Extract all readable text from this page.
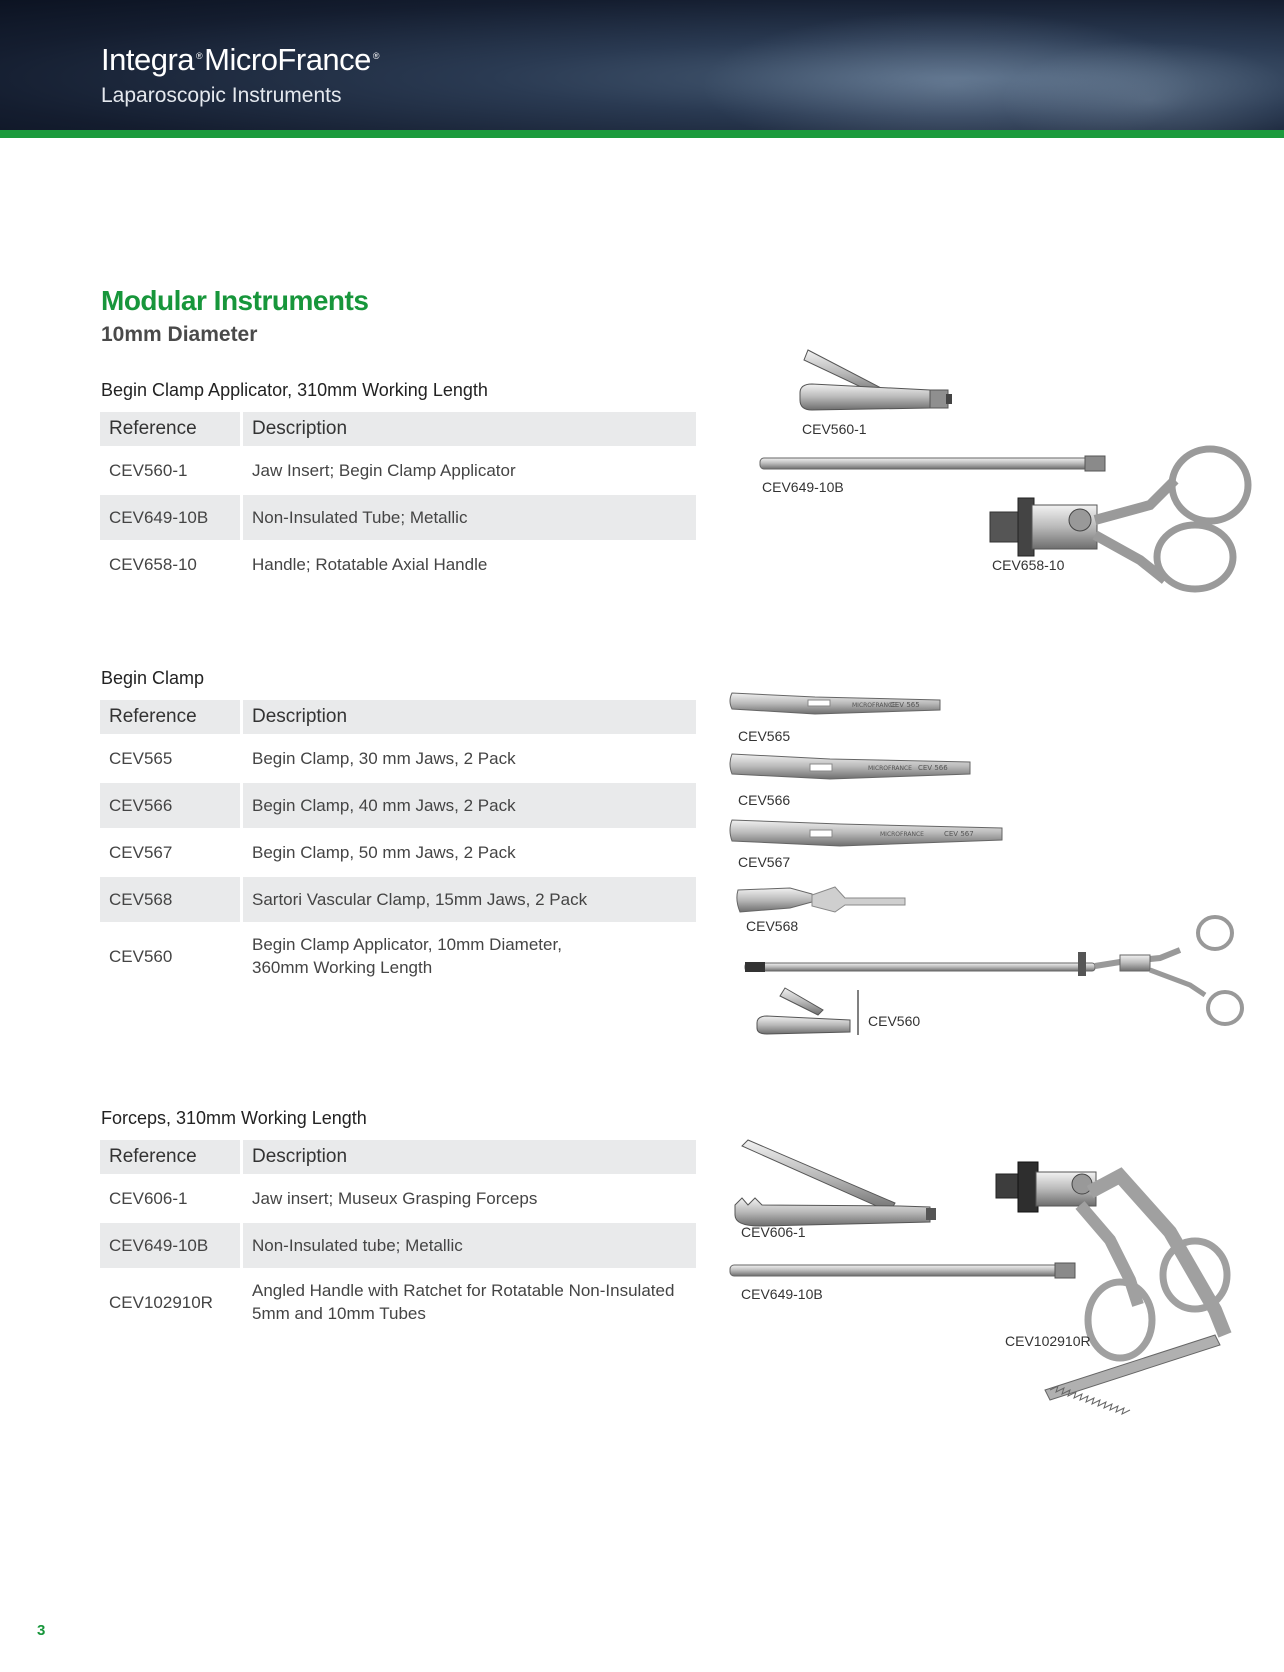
Integra ®MicroFrance ®
Laparoscopic Instruments
Modular Instruments
10mm Diameter
Begin Clamp Applicator, 310mm Working Length
Reference	Description
CEV560-1	Jaw Insert; Begin Clamp Applicator
CEV649-10B	Non-Insulated Tube; Metallic
CEV658-10	Handle; Rotatable Axial Handle
Begin Clamp
Reference	Description
CEV565	Begin Clamp, 30 mm Jaws, 2 Pack
CEV566	Begin Clamp, 40 mm Jaws, 2 Pack
CEV567	Begin Clamp, 50 mm Jaws, 2 Pack
CEV568	Sartori Vascular Clamp, 15mm Jaws, 2 Pack
CEV560	Begin Clamp Applicator, 10mm Diameter,
360mm Working Length
Forceps, 310mm Working Length
Reference	Description
CEV606-1	Jaw insert; Museux Grasping Forceps
CEV649-10B	Non-Insulated tube; Metallic
CEV102910R	Angled Handle with Ratchet for Rotatable Non-Insulated
5mm and 10mm Tubes
MICROFRANCE
CEV 565
MICROFRANCE CEV 566
MICROFRANCE	CEV 567
CEV560-1
CEV649-10B
CEV658-10
CEV565
CEV566
CEV567
CEV568
CEV560
CEV606-1
CEV649-10B
CEV102910R
3
